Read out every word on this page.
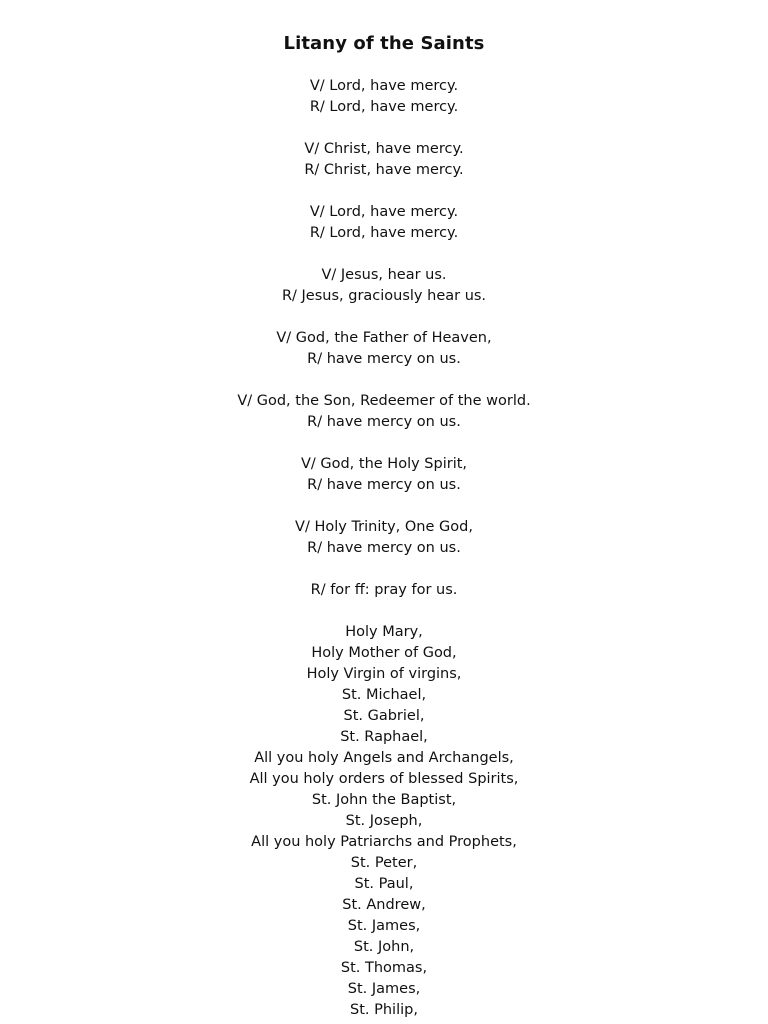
Litany of the Saints
V/ Lord, have mercy.
R/ Lord, have mercy.
V/ Christ, have mercy.
R/ Christ, have mercy.
V/ Lord, have mercy.
R/ Lord, have mercy.
V/ Jesus, hear us.
R/ Jesus, graciously hear us.
V/ God, the Father of Heaven,
R/ have mercy on us.
V/ God, the Son, Redeemer of the world.
R/ have mercy on us.
V/ God, the Holy Spirit,
R/ have mercy on us.
V/ Holy Trinity, One God,
R/ have mercy on us.
R/ for ff: pray for us.
Holy Mary,
Holy Mother of God,
Holy Virgin of virgins,
St. Michael,
St. Gabriel,
St. Raphael,
All you holy Angels and Archangels,
All you holy orders of blessed Spirits,
St. John the Baptist,
St. Joseph,
All you holy Patriarchs and Prophets,
St. Peter,
St. Paul,
St. Andrew,
St. James,
St. John,
St. Thomas,
St. James,
St. Philip,
